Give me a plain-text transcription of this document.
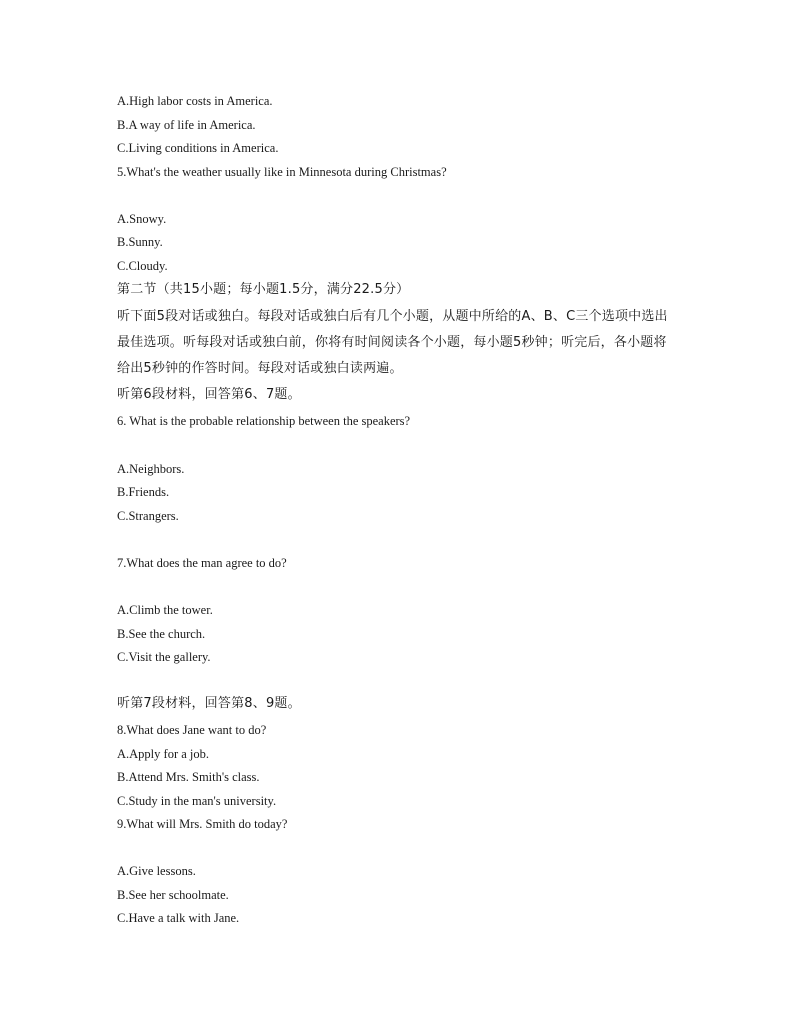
A.High labor costs in America.
B.A way of life in America.
C.Living conditions in America.
5.What's the weather usually like in Minnesota during Christmas?
A.Snowy.
B.Sunny.
C.Cloudy.
第二节（共15小题；每小题1.5分，满分22.5分）
听下面5段对话或独白。每段对话或独白后有几个小题，从题中所给的A、B、C三个选项中选出
最佳选项。听每段对话或独白前，你将有时间阅读各个小题，每小题5秒钟；听完后，各小题将
给出5秒钟的作答时间。每段对话或独白读两遍。
听第6段材料，回答第6、7题。
6. What is the probable relationship between the speakers?
A.Neighbors.
B.Friends.
C.Strangers.
7.What does the man agree to do?
A.Climb the tower.
B.See the church.
C.Visit the gallery.
听第7段材料，回答第8、9题。
8.What does Jane want to do?
A.Apply for a job.
B.Attend Mrs. Smith's class.
C.Study in the man's university.
9.What will Mrs. Smith do today?
A.Give lessons.
B.See her schoolmate.
C.Have a talk with Jane.
